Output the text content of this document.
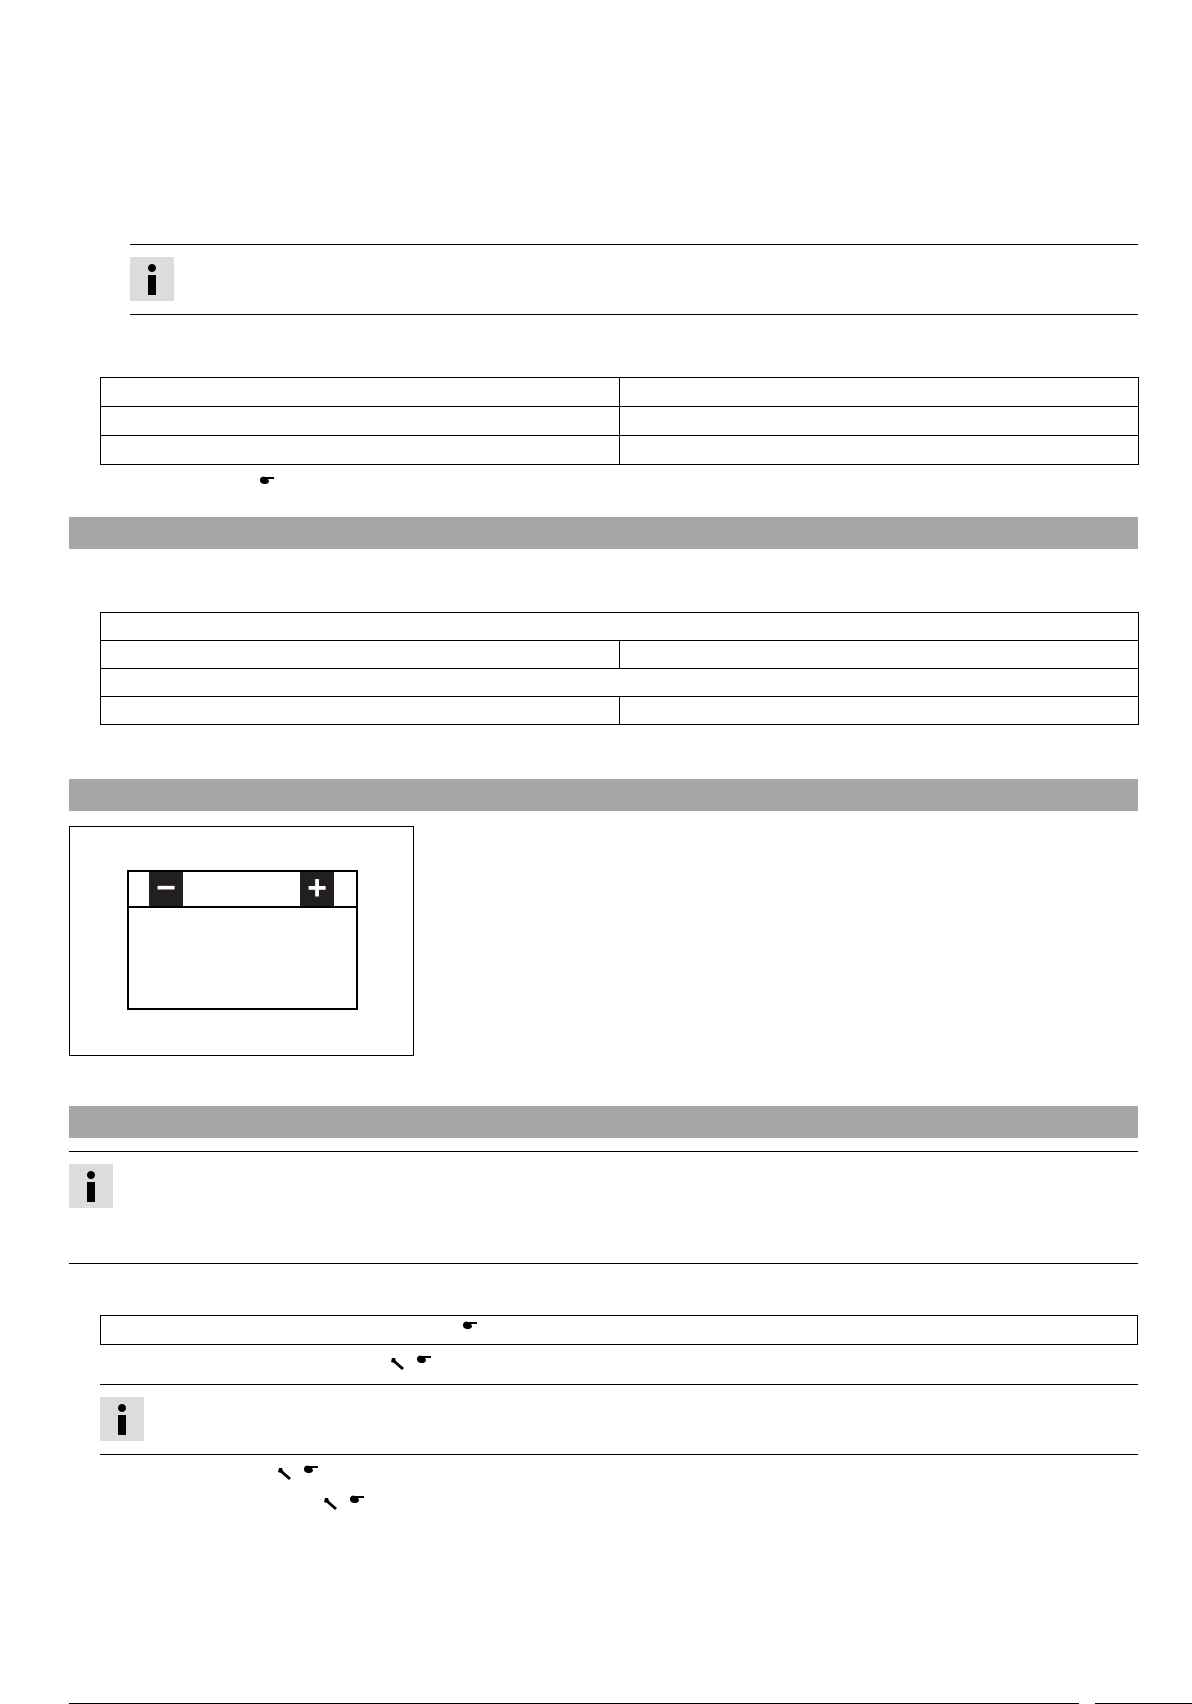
−	+
